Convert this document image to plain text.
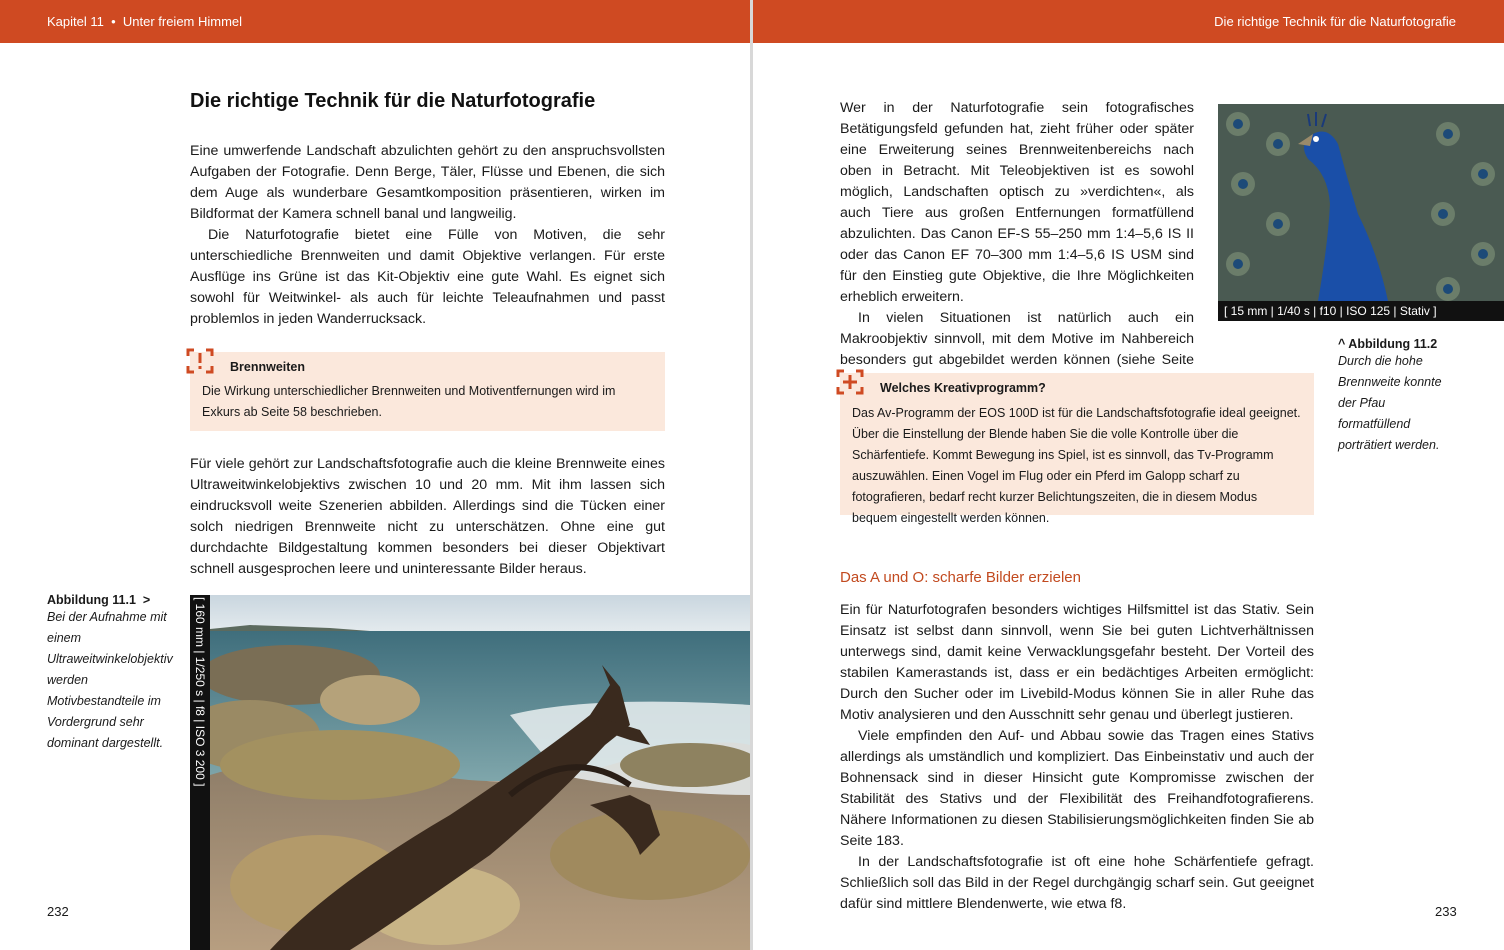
Kapitel 11  •  Unter freiem Himmel	Die richtige Technik für die Naturfotografie
Die richtige Technik für die Naturfotografie

Eine umwerfende Landschaft abzulichten gehört zu den anspruchsvollsten Aufgaben der Fotografie. Denn Berge, Täler, Flüsse und Ebenen, die sich dem Auge als wunderbare Gesamtkomposition präsentieren, wirken im Bildformat der Kamera schnell banal und langweilig.

Die Naturfotografie bietet eine Fülle von Motiven, die sehr unterschiedliche Brennweiten und damit Objektive verlangen. Für erste Ausflüge ins Grüne ist das Kit-Objektiv eine gute Wahl. Es eignet sich sowohl für Weitwinkel- als auch für leichte Teleaufnahmen und passt problemlos in jeden Wanderrucksack.

Brennweiten
Die Wirkung unterschiedlicher Brennweiten und Motiventfernungen wird im Exkurs ab Seite 58 beschrieben.

Für viele gehört zur Landschaftsfotografie auch die kleine Brennweite eines Ultraweitwinkelobjektivs zwischen 10 und 20 mm. Mit ihm lassen sich eindrucksvoll weite Szenerien abbilden. Allerdings sind die Tücken einer solch niedrigen Brennweite nicht zu unterschätzen. Ohne eine gut durchdachte Bildgestaltung kommen besonders bei dieser Objektivart schnell ausgesprochen leere und uninteressante Bilder heraus.

Abbildung 11.1  >
Bei der Aufnahme mit einem Ultraweitwinkelobjektiv werden Motivbestandteile im Vordergrund sehr dominant dargestellt.	[ 160 mm | 1/250 s | f8 | ISO 3 200 ]
232

Wer in der Naturfotografie sein fotografisches Betätigungsfeld gefunden hat, zieht früher oder später eine Erweiterung seines Brennweitenbereichs nach oben in Betracht. Mit Teleobjektiven ist es sowohl möglich, Landschaften optisch zu »verdichten«, als auch Tiere aus großen Entfernungen formatfüllend abzulichten. Das Canon EF-S 55–250 mm 1:4–5,6 IS II oder das Canon EF 70–300 mm 1:4–5,6 IS USM sind für den Einstieg gute Objektive, die Ihre Möglichkeiten erheblich erweitern.

In vielen Situationen ist natürlich auch ein Makroobjektiv sinnvoll, mit dem Motive im Nahbereich besonders gut abgebildet werden können (siehe Seite

[ 15 mm | 1/40 s | f10 | ISO 125 | Stativ ]
^ Abbildung 11.2
Durch die hohe Brennweite konnte der Pfau formatfüllend porträtiert werden.
Welches Kreativprogramm?
Das Av-Programm der EOS 100D ist für die Landschaftsfotografie ideal geeignet. Über die Einstellung der Blende haben Sie die volle Kontrolle über die Schärfentiefe. Kommt Bewegung ins Spiel, ist es sinnvoll, das Tv-Programm auszuwählen. Einen Vogel im Flug oder ein Pferd im Galopp scharf zu fotografieren, bedarf recht kurzer Belichtungszeiten, die in diesem Modus bequem eingestellt werden können.
Das A und O: scharfe Bilder erzielen

Ein für Naturfotografen besonders wichtiges Hilfsmittel ist das Stativ. Sein Einsatz ist selbst dann sinnvoll, wenn Sie bei guten Lichtverhältnissen unterwegs sind, damit keine Verwacklungsgefahr besteht. Der Vorteil des stabilen Kamerastands ist, dass er ein bedächtiges Arbeiten ermöglicht: Durch den Sucher oder im Livebild-Modus können Sie in aller Ruhe das Motiv analysieren und den Ausschnitt sehr genau und überlegt justieren.

Viele empfinden den Auf- und Abbau sowie das Tragen eines Stativs allerdings als umständlich und kompliziert. Das Einbeinstativ und auch der Bohnensack sind in dieser Hinsicht gute Kompromisse zwischen der Stabilität des Stativs und der Flexibilität des Freihandfotografierens. Nähere Informationen zu diesen Stabilisierungsmöglichkeiten finden Sie ab Seite 183.

In der Landschaftsfotografie ist oft eine hohe Schärfentiefe gefragt. Schließlich soll das Bild in der Regel durchgängig scharf sein. Gut geeignet dafür sind mittlere Blendenwerte, wie etwa f8.	233
